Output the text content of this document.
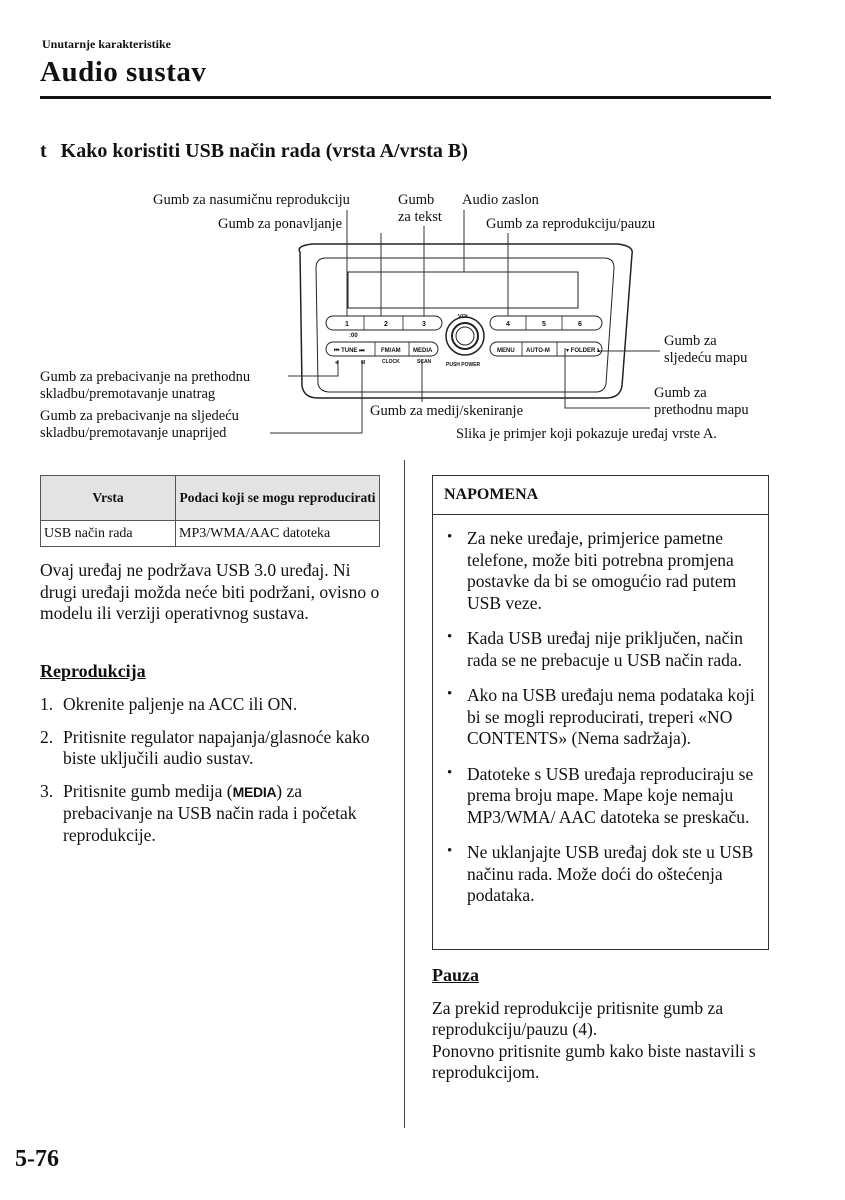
Unutarnje karakteristike
Audio sustav
t Kako koristiti USB način rada (vrsta A/vrsta B)
1	2	3	4	5	6
:00
VOL
PUSH POWER
⏮ TUNE ⏭	FM/AM MEDIA
CLOCK	SCAN
MENU AUTO-M	▾ FOLDER ▴
⊕	M
Gumb za nasumičnu reprodukciju
Gumb za ponavljanje
Gumb
za tekst
Audio zaslon
Gumb za reprodukciju/pauzu
Gumb za
sljedeću mapu
Gumb za
prethodnu mapu
Gumb za prebacivanje na prethodnu
skladbu/premotavanje unatrag
Gumb za prebacivanje na sljedeću
skladbu/premotavanje unaprijed
Gumb za medij/skeniranje
Slika je primjer koji pokazuje uređaj vrste A.
Vrsta	Podaci koji se mogu reproducirati
USB način rada	MP3/WMA/AAC datoteka
Ovaj uređaj ne podržava USB 3.0 uređaj. Ni drugi uređaji možda neće biti podržani, ovisno o modelu ili verziji operativnog sustava.
Reprodukcija
1. Okrenite paljenje na ACC ili ON.
2. Pritisnite regulator napajanja/glasnoće kako biste uključili audio sustav.
3. Pritisnite gumb medija (MEDIA) za prebacivanje na USB način rada i početak reprodukcije.
NAPOMENA
• Za neke uređaje, primjerice pametne telefone, može biti potrebna promjena postavke da bi se omogućio rad putem USB veze.
• Kada USB uređaj nije priključen, način rada se ne prebacuje u USB način rada.
• Ako na USB uređaju nema podataka koji bi se mogli reproducirati, treperi «NO CONTENTS» (Nema sadržaja).
• Datoteke s USB uređaja reproduciraju se prema broju mape. Mape koje nemaju MP3/WMA/ AAC datoteka se preskaču.
• Ne uklanjajte USB uređaj dok ste u USB načinu rada. Može doći do oštećenja podataka.
Pauza
Za prekid reprodukcije pritisnite gumb za reprodukciju/pauzu (4).
Ponovno pritisnite gumb kako biste nastavili s reprodukcijom.
5-76
